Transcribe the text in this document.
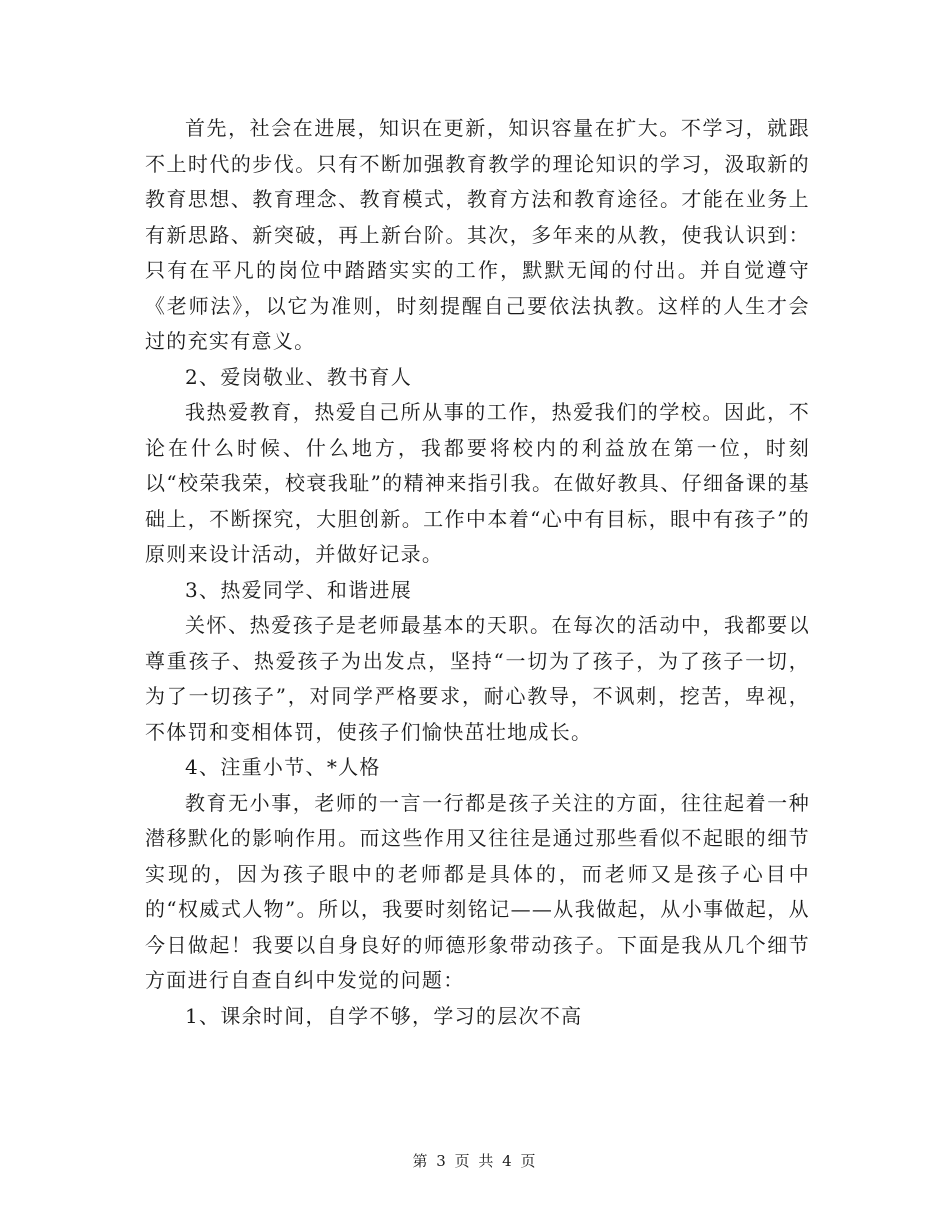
首先，社会在进展，知识在更新，知识容量在扩大。不学习，就跟不上时代的步伐。只有不断加强教育教学的理论知识的学习，汲取新的教育思想、教育理念、教育模式，教育方法和教育途径。才能在业务上有新思路、新突破，再上新台阶。其次，多年来的从教，使我认识到：只有在平凡的岗位中踏踏实实的工作，默默无闻的付出。并自觉遵守《老师法》，以它为准则，时刻提醒自己要依法执教。这样的人生才会过的充实有意义。

2、爱岗敬业、教书育人

我热爱教育，热爱自己所从事的工作，热爱我们的学校。因此，不论在什么时候、什么地方，我都要将校内的利益放在第一位，时刻以“校荣我荣，校衰我耻”的精神来指引我。在做好教具、仔细备课的基础上，不断探究，大胆创新。工作中本着“心中有目标，眼中有孩子”的原则来设计活动，并做好记录。

3、热爱同学、和谐进展

关怀、热爱孩子是老师最基本的天职。在每次的活动中，我都要以尊重孩子、热爱孩子为出发点，坚持“一切为了孩子，为了孩子一切，为了一切孩子”，对同学严格要求，耐心教导，不讽刺，挖苦，卑视，不体罚和变相体罚，使孩子们愉快茁壮地成长。

4、注重小节、*人格

教育无小事，老师的一言一行都是孩子关注的方面，往往起着一种潜移默化的影响作用。而这些作用又往往是通过那些看似不起眼的细节实现的，因为孩子眼中的老师都是具体的，而老师又是孩子心目中的“权威式人物”。所以，我要时刻铭记——从我做起，从小事做起，从今日做起！我要以自身良好的师德形象带动孩子。下面是我从几个细节方面进行自查自纠中发觉的问题：

1、课余时间，自学不够，学习的层次不高

第 3 页 共 4 页
